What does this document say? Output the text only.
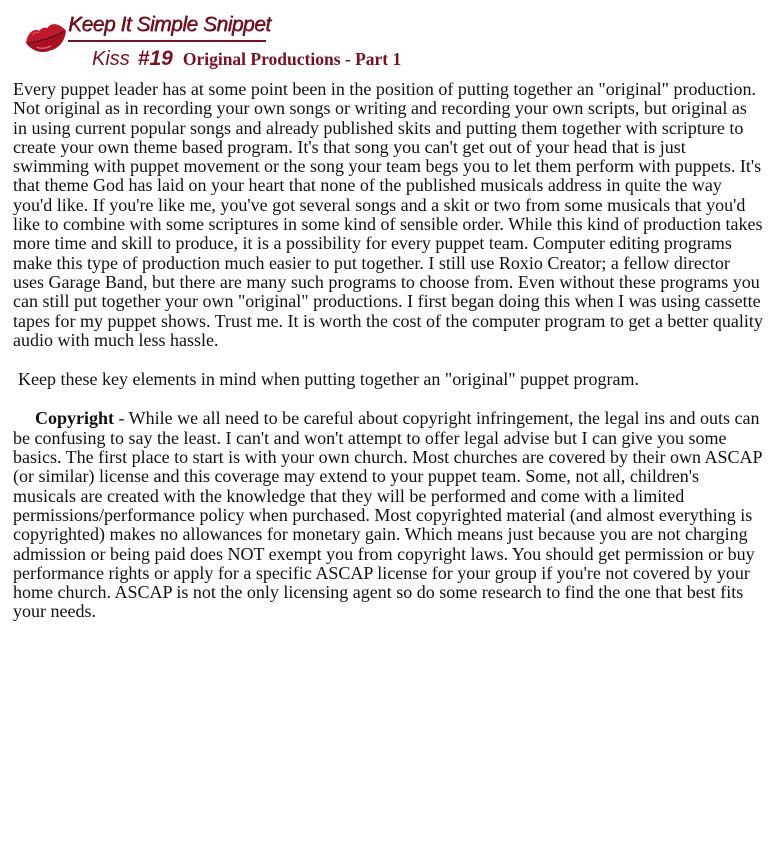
Keep It Simple Snippet
Kiss #19 Original Productions - Part 1

Every puppet leader has at some point been in the position of putting together an "original" production. Not original as in recording your own songs or writing and recording your own scripts, but original as in using current popular songs and already published skits and putting them together with scripture to create your own theme based program. It's that song you can't get out of your head that is just swimming with puppet movement or the song your team begs you to let them perform with puppets. It's that theme God has laid on your heart that none of the published musicals address in quite the way you'd like. If you're like me, you've got several songs and a skit or two from some musicals that you'd like to combine with some scriptures in some kind of sensible order. While this kind of production takes more time and skill to produce, it is a possibility for every puppet team. Computer editing programs make this type of production much easier to put together. I still use Roxio Creator; a fellow director uses Garage Band, but there are many such programs to choose from. Even without these programs you can still put together your own "original" productions. I first began doing this when I was using cassette tapes for my puppet shows. Trust me. It is worth the cost of the computer program to get a better quality audio with much less hassle.

Keep these key elements in mind when putting together an "original" puppet program.

Copyright - While we all need to be careful about copyright infringement, the legal ins and outs can be confusing to say the least. I can't and won't attempt to offer legal advise but I can give you some basics. The first place to start is with your own church. Most churches are covered by their own ASCAP (or similar) license and this coverage may extend to your puppet team. Some, not all, children's musicals are created with the knowledge that they will be performed and come with a limited permissions/performance policy when purchased. Most copyrighted material (and almost everything is copyrighted) makes no allowances for monetary gain. Which means just because you are not charging admission or being paid does NOT exempt you from copyright laws. You should get permission or buy performance rights or apply for a specific ASCAP license for your group if you're not covered by your home church. ASCAP is not the only licensing agent so do some research to find the one that best fits your needs.
